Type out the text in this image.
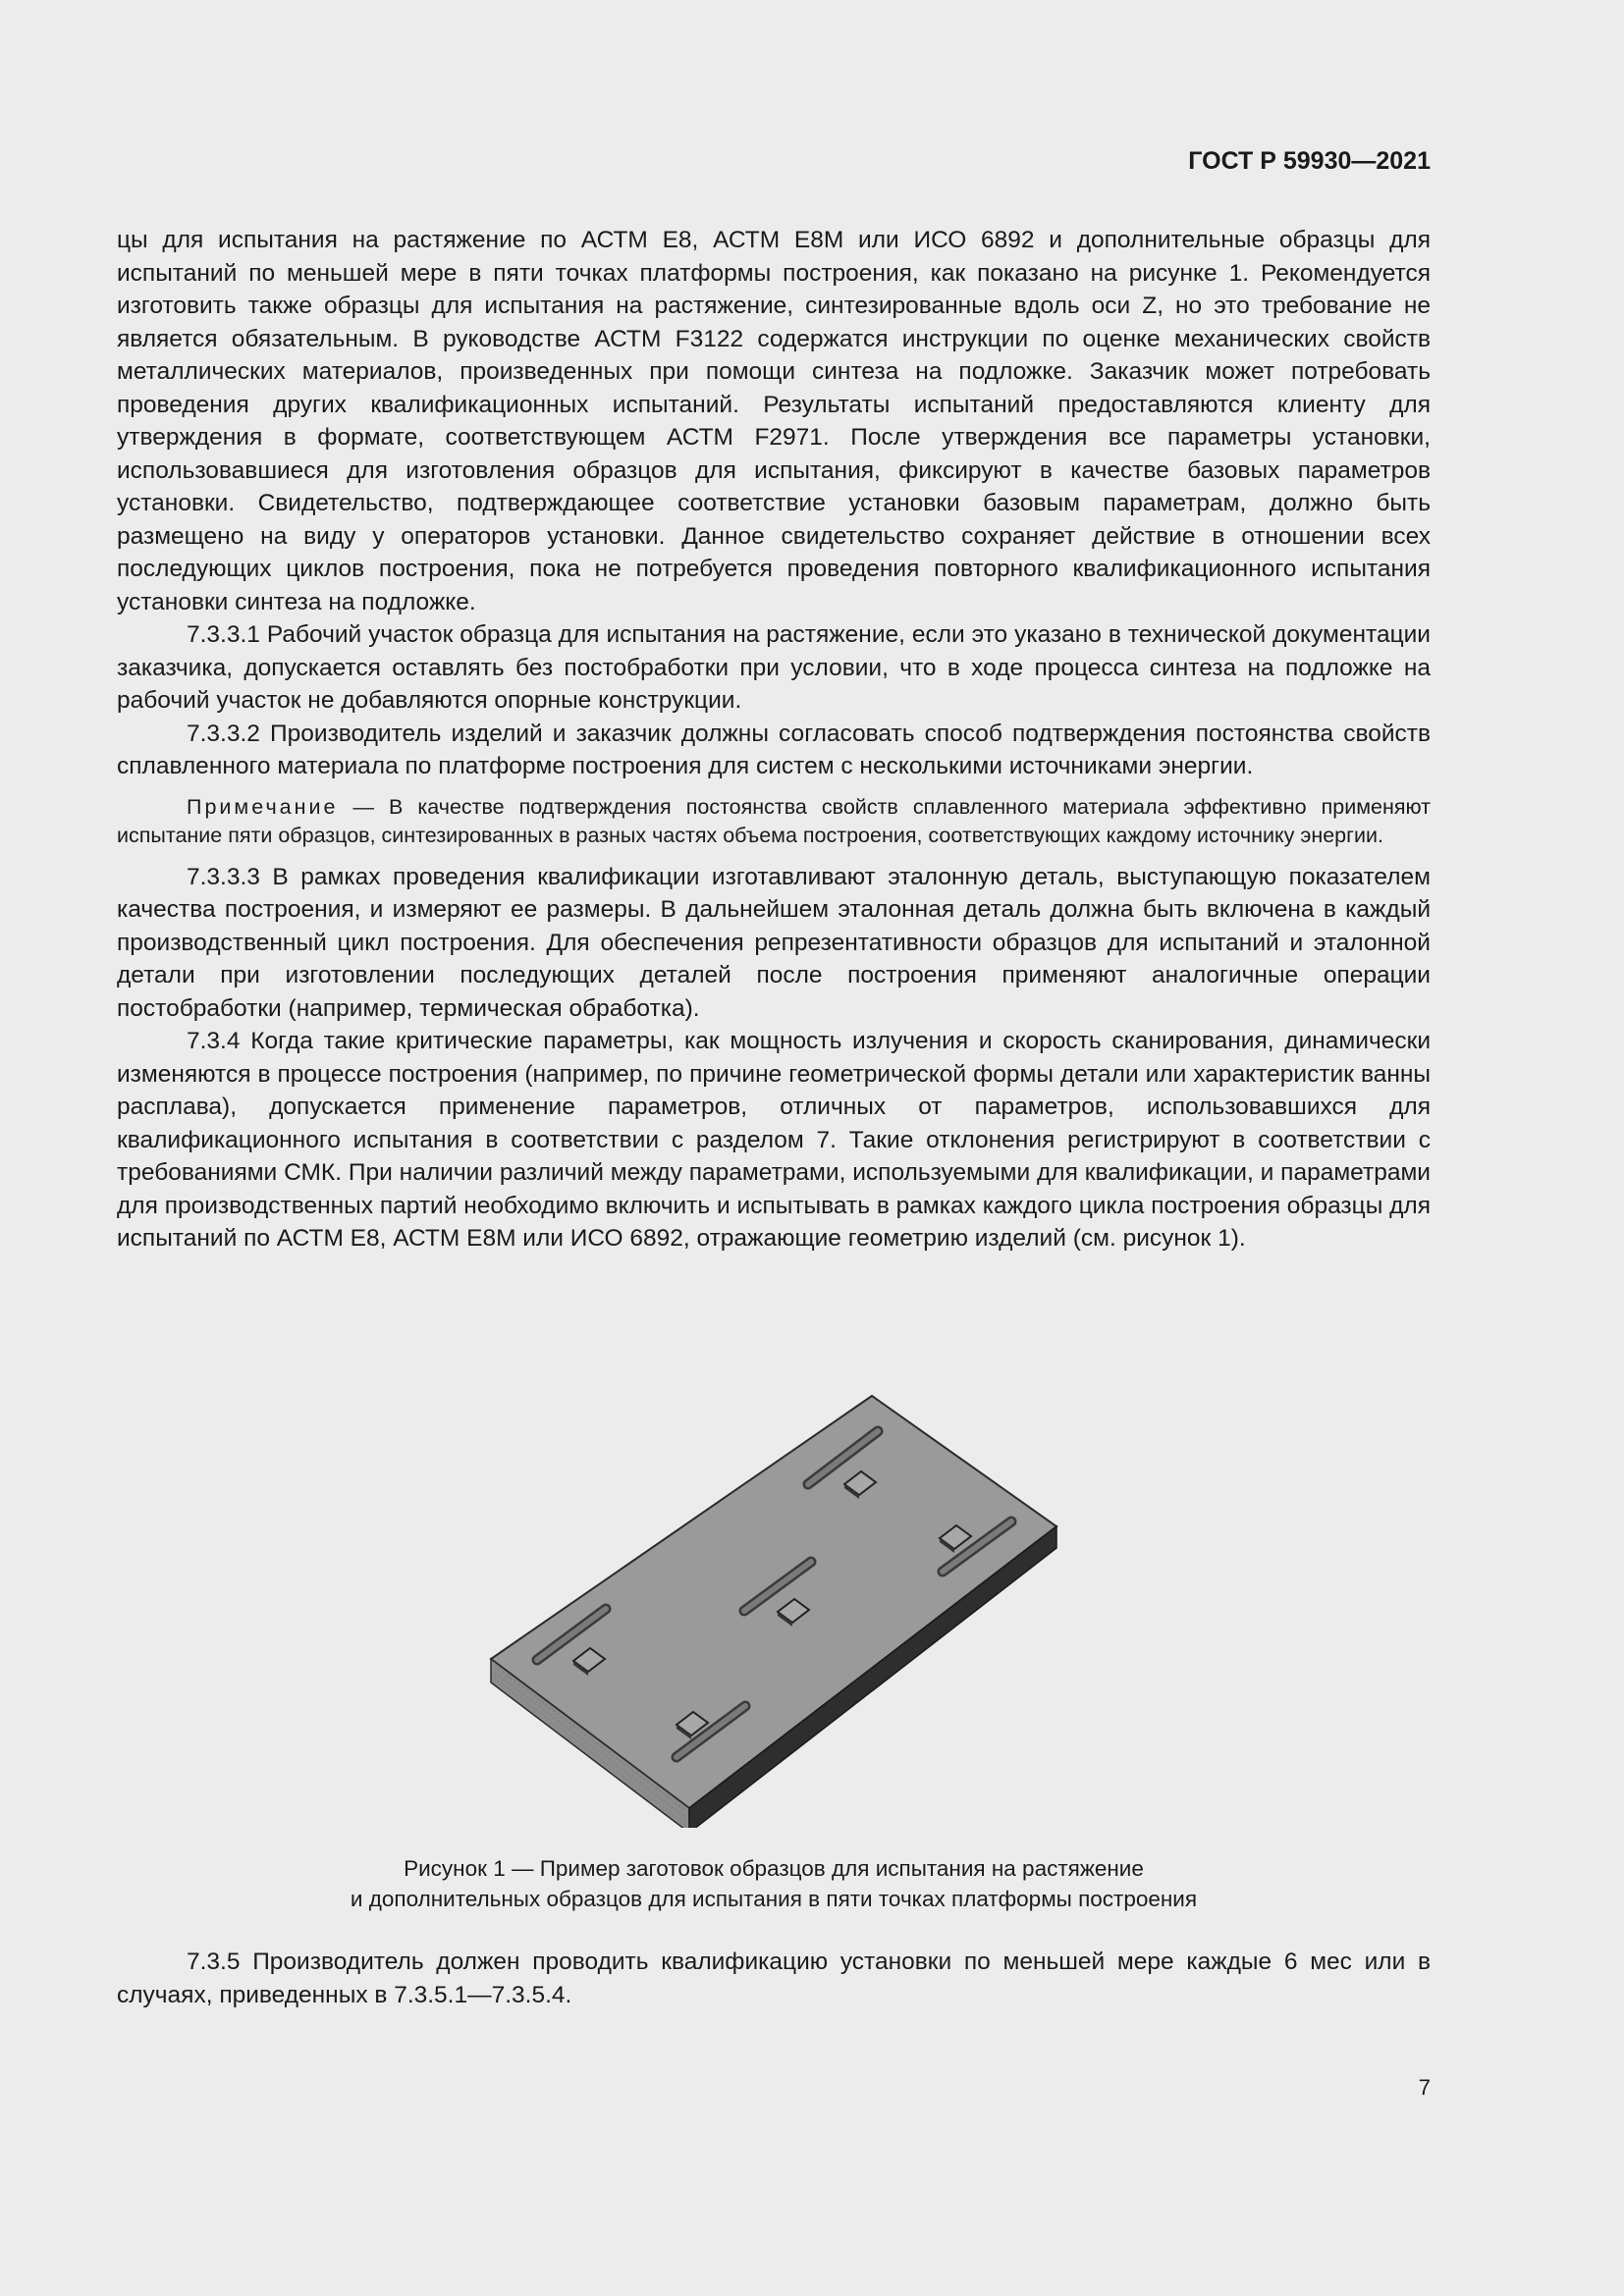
ГОСТ Р 59930—2021

цы для испытания на растяжение по АСТМ Е8, АСТМ Е8М или ИСО 6892 и дополнительные образцы для испытаний по меньшей мере в пяти точках платформы построения, как показано на рисунке 1. Рекомендуется изготовить также образцы для испытания на растяжение, синтезированные вдоль оси Z, но это требование не является обязательным. В руководстве АСТМ F3122 содержатся инструкции по оценке механических свойств металлических материалов, произведенных при помощи синтеза на подложке. Заказчик может потребовать проведения других квалификационных испытаний. Результаты испытаний предоставляются клиенту для утверждения в формате, соответствующем АСТМ F2971. После утверждения все параметры установки, использовавшиеся для изготовления образцов для испытания, фиксируют в качестве базовых параметров установки. Свидетельство, подтверждающее соответствие установки базовым параметрам, должно быть размещено на виду у операторов установки. Данное свидетельство сохраняет действие в отношении всех последующих циклов построения, пока не потребуется проведения повторного квалификационного испытания установки синтеза на подложке.

7.3.3.1 Рабочий участок образца для испытания на растяжение, если это указано в технической документации заказчика, допускается оставлять без постобработки при условии, что в ходе процесса синтеза на подложке на рабочий участок не добавляются опорные конструкции.

7.3.3.2 Производитель изделий и заказчик должны согласовать способ подтверждения постоянства свойств сплавленного материала по платформе построения для систем с несколькими источниками энергии.

Примечание — В качестве подтверждения постоянства свойств сплавленного материала эффективно применяют испытание пяти образцов, синтезированных в разных частях объема построения, соответствующих каждому источнику энергии.

7.3.3.3 В рамках проведения квалификации изготавливают эталонную деталь, выступающую показателем качества построения, и измеряют ее размеры. В дальнейшем эталонная деталь должна быть включена в каждый производственный цикл построения. Для обеспечения репрезентативности образцов для испытаний и эталонной детали при изготовлении последующих деталей после построения применяют аналогичные операции постобработки (например, термическая обработка).

7.3.4 Когда такие критические параметры, как мощность излучения и скорость сканирования, динамически изменяются в процессе построения (например, по причине геометрической формы детали или характеристик ванны расплава), допускается применение параметров, отличных от параметров, использовавшихся для квалификационного испытания в соответствии с разделом 7. Такие отклонения регистрируют в соответствии с требованиями СМК. При наличии различий между параметрами, используемыми для квалификации, и параметрами для производственных партий необходимо включить и испытывать в рамках каждого цикла построения образцы для испытаний по АСТМ Е8, АСТМ Е8М или ИСО 6892, отражающие геометрию изделий (см. рисунок 1).

Рисунок 1 — Пример заготовок образцов для испытания на растяжение
и дополнительных образцов для испытания в пяти точках платформы построения

7.3.5 Производитель должен проводить квалификацию установки по меньшей мере каждые 6 мес или в случаях, приведенных в 7.3.5.1—7.3.5.4.

7
